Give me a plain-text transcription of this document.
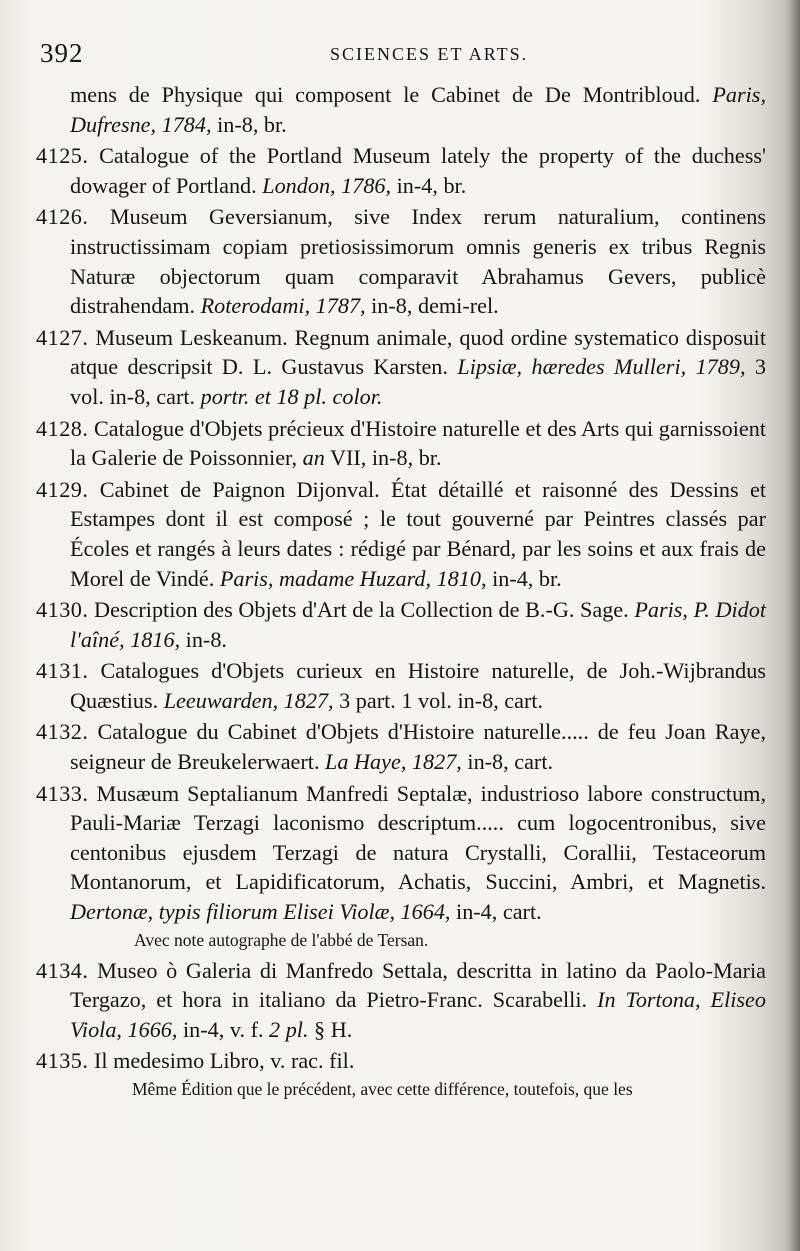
392	SCIENCES ET ARTS.

mens de Physique qui composent le Cabinet de De Montribloud. Paris, Dufresne, 1784, in-8, br.

4125. Catalogue of the Portland Museum lately the property of the duchess' dowager of Portland. London, 1786, in-4, br.

4126. Museum Geversianum, sive Index rerum naturalium, continens instructissimam copiam pretiosissimorum omnis generis ex tribus Regnis Naturæ objectorum quam comparavit Abrahamus Gevers, publicè distrahendam. Roterodami, 1787, in-8, demi-rel.

4127. Museum Leskeanum. Regnum animale, quod ordine systematico disposuit atque descripsit D. L. Gustavus Karsten. Lipsiæ, hæredes Mulleri, 1789, 3 vol. in-8, cart. portr. et 18 pl. color.

4128. Catalogue d'Objets précieux d'Histoire naturelle et des Arts qui garnissoient la Galerie de Poissonnier, an VII, in-8, br.

4129. Cabinet de Paignon Dijonval. État détaillé et raisonné des Dessins et Estampes dont il est composé ; le tout gouverné par Peintres classés par Écoles et rangés à leurs dates : rédigé par Bénard, par les soins et aux frais de Morel de Vindé. Paris, madame Huzard, 1810, in-4, br.

4130. Description des Objets d'Art de la Collection de B.-G. Sage. Paris, P. Didot l'aîné, 1816, in-8.

4131. Catalogues d'Objets curieux en Histoire naturelle, de Joh.-Wijbrandus Quæstius. Leeuwarden, 1827, 3 part. 1 vol. in-8, cart.

4132. Catalogue du Cabinet d'Objets d'Histoire naturelle..... de feu Joan Raye, seigneur de Breukelerwaert. La Haye, 1827, in-8, cart.

4133. Musæum Septalianum Manfredi Septalæ, industrioso labore constructum, Pauli-Mariæ Terzagi laconismo descriptum..... cum logocentronibus, sive centonibus ejusdem Terzagi de natura Crystalli, Corallii, Testaceorum Montanorum, et Lapidificatorum, Achatis, Succini, Ambri, et Magnetis. Dertonæ, typis filiorum Elisei Violæ, 1664, in-4, cart.

Avec note autographe de l'abbé de Tersan.

4134. Museo ò Galeria di Manfredo Settala, descritta in latino da Paolo-Maria Tergazo, et hora in italiano da Pietro-Franc. Scarabelli. In Tortona, Eliseo Viola, 1666, in-4, v. f. 2 pl. § H.

4135. Il medesimo Libro, v. rac. fil.

Même Édition que le précédent, avec cette différence, toutefois, que les
